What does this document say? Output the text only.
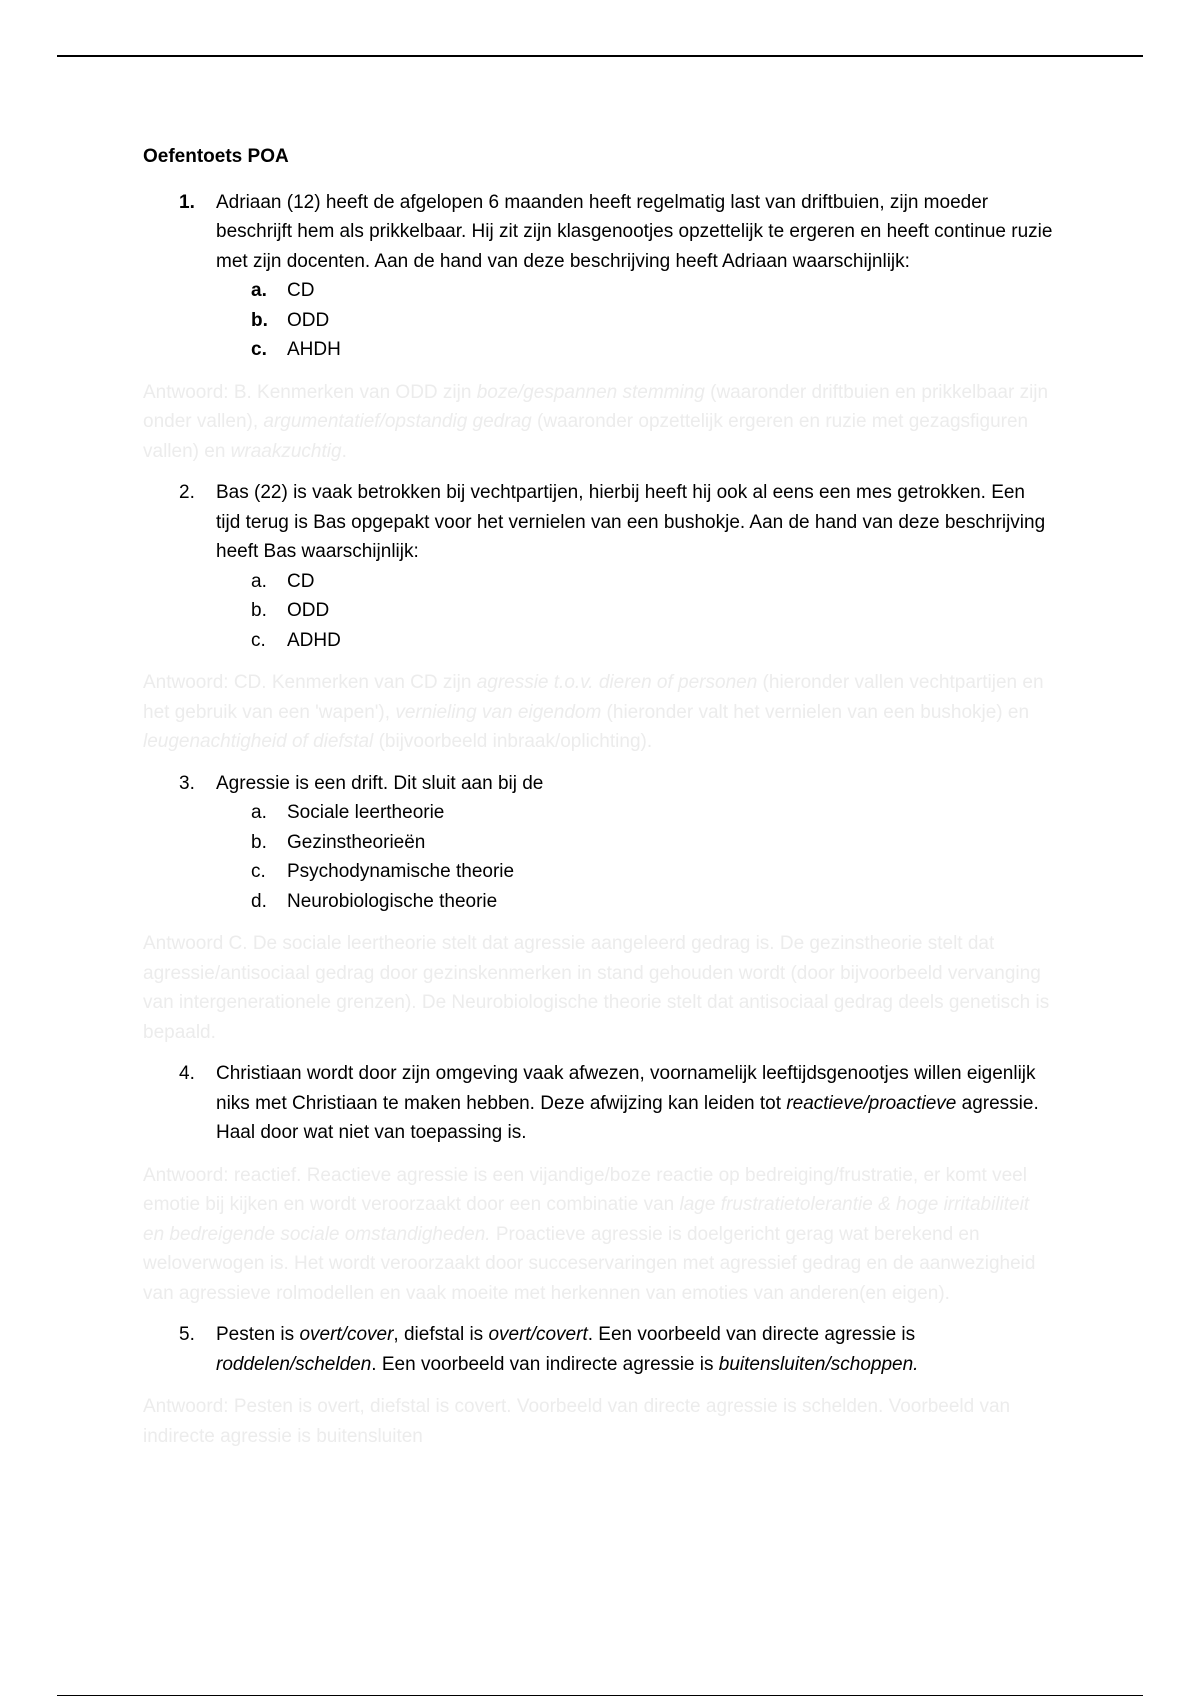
Oefentoets POA

1.	Adriaan (12) heeft de afgelopen 6 maanden heeft regelmatig last van driftbuien, zijn moeder beschrijft hem als prikkelbaar. Hij zit zijn klasgenootjes opzettelijk te ergeren en heeft continue ruzie met zijn docenten. Aan de hand van deze beschrijving heeft Adriaan waarschijnlijk:
a.	CD
b.	ODD
c.	AHDH

Antwoord: B. Kenmerken van ODD zijn boze/gespannen stemming (waaronder driftbuien en prikkelbaar zijn onder vallen), argumentatief/opstandig gedrag (waaronder opzettelijk ergeren en ruzie met gezagsfiguren vallen) en wraakzuchtig.

2.	Bas (22) is vaak betrokken bij vechtpartijen, hierbij heeft hij ook al eens een mes getrokken. Een tijd terug is Bas opgepakt voor het vernielen van een bushokje. Aan de hand van deze beschrijving heeft Bas waarschijnlijk:
a.	CD
b.	ODD
c.	ADHD

Antwoord: CD. Kenmerken van CD zijn agressie t.o.v. dieren of personen (hieronder vallen vechtpartijen en het gebruik van een 'wapen'), vernieling van eigendom (hieronder valt het vernielen van een bushokje) en leugenachtigheid of diefstal (bijvoorbeeld inbraak/oplichting).

3.	Agressie is een drift. Dit sluit aan bij de
a.	Sociale leertheorie
b.	Gezinstheorieën
c.	Psychodynamische theorie
d.	Neurobiologische theorie

Antwoord C. De sociale leertheorie stelt dat agressie aangeleerd gedrag is. De gezinstheorie stelt dat agressie/antisociaal gedrag door gezinskenmerken in stand gehouden wordt (door bijvoorbeeld vervanging van intergenerationele grenzen). De Neurobiologische theorie stelt dat antisociaal gedrag deels genetisch is bepaald.

4.	Christiaan wordt door zijn omgeving vaak afwezen, voornamelijk leeftijdsgenootjes willen eigenlijk niks met Christiaan te maken hebben. Deze afwijzing kan leiden tot reactieve/proactieve agressie. Haal door wat niet van toepassing is.

Antwoord: reactief. Reactieve agressie is een vijandige/boze reactie op bedreiging/frustratie, er komt veel emotie bij kijken en wordt veroorzaakt door een combinatie van lage frustratietolerantie & hoge irritabiliteit en bedreigende sociale omstandigheden. Proactieve agressie is doelgericht gerag wat berekend en weloverwogen is. Het wordt veroorzaakt door succeservaringen met agressief gedrag en de aanwezigheid van agressieve rolmodellen en vaak moeite met herkennen van emoties van anderen(en eigen).

5.	Pesten is overt/cover, diefstal is overt/covert. Een voorbeeld van directe agressie is roddelen/schelden. Een voorbeeld van indirecte agressie is buitensluiten/schoppen.

Antwoord: Pesten is overt, diefstal is covert. Voorbeeld van directe agressie is schelden. Voorbeeld van indirecte agressie is buitensluiten
